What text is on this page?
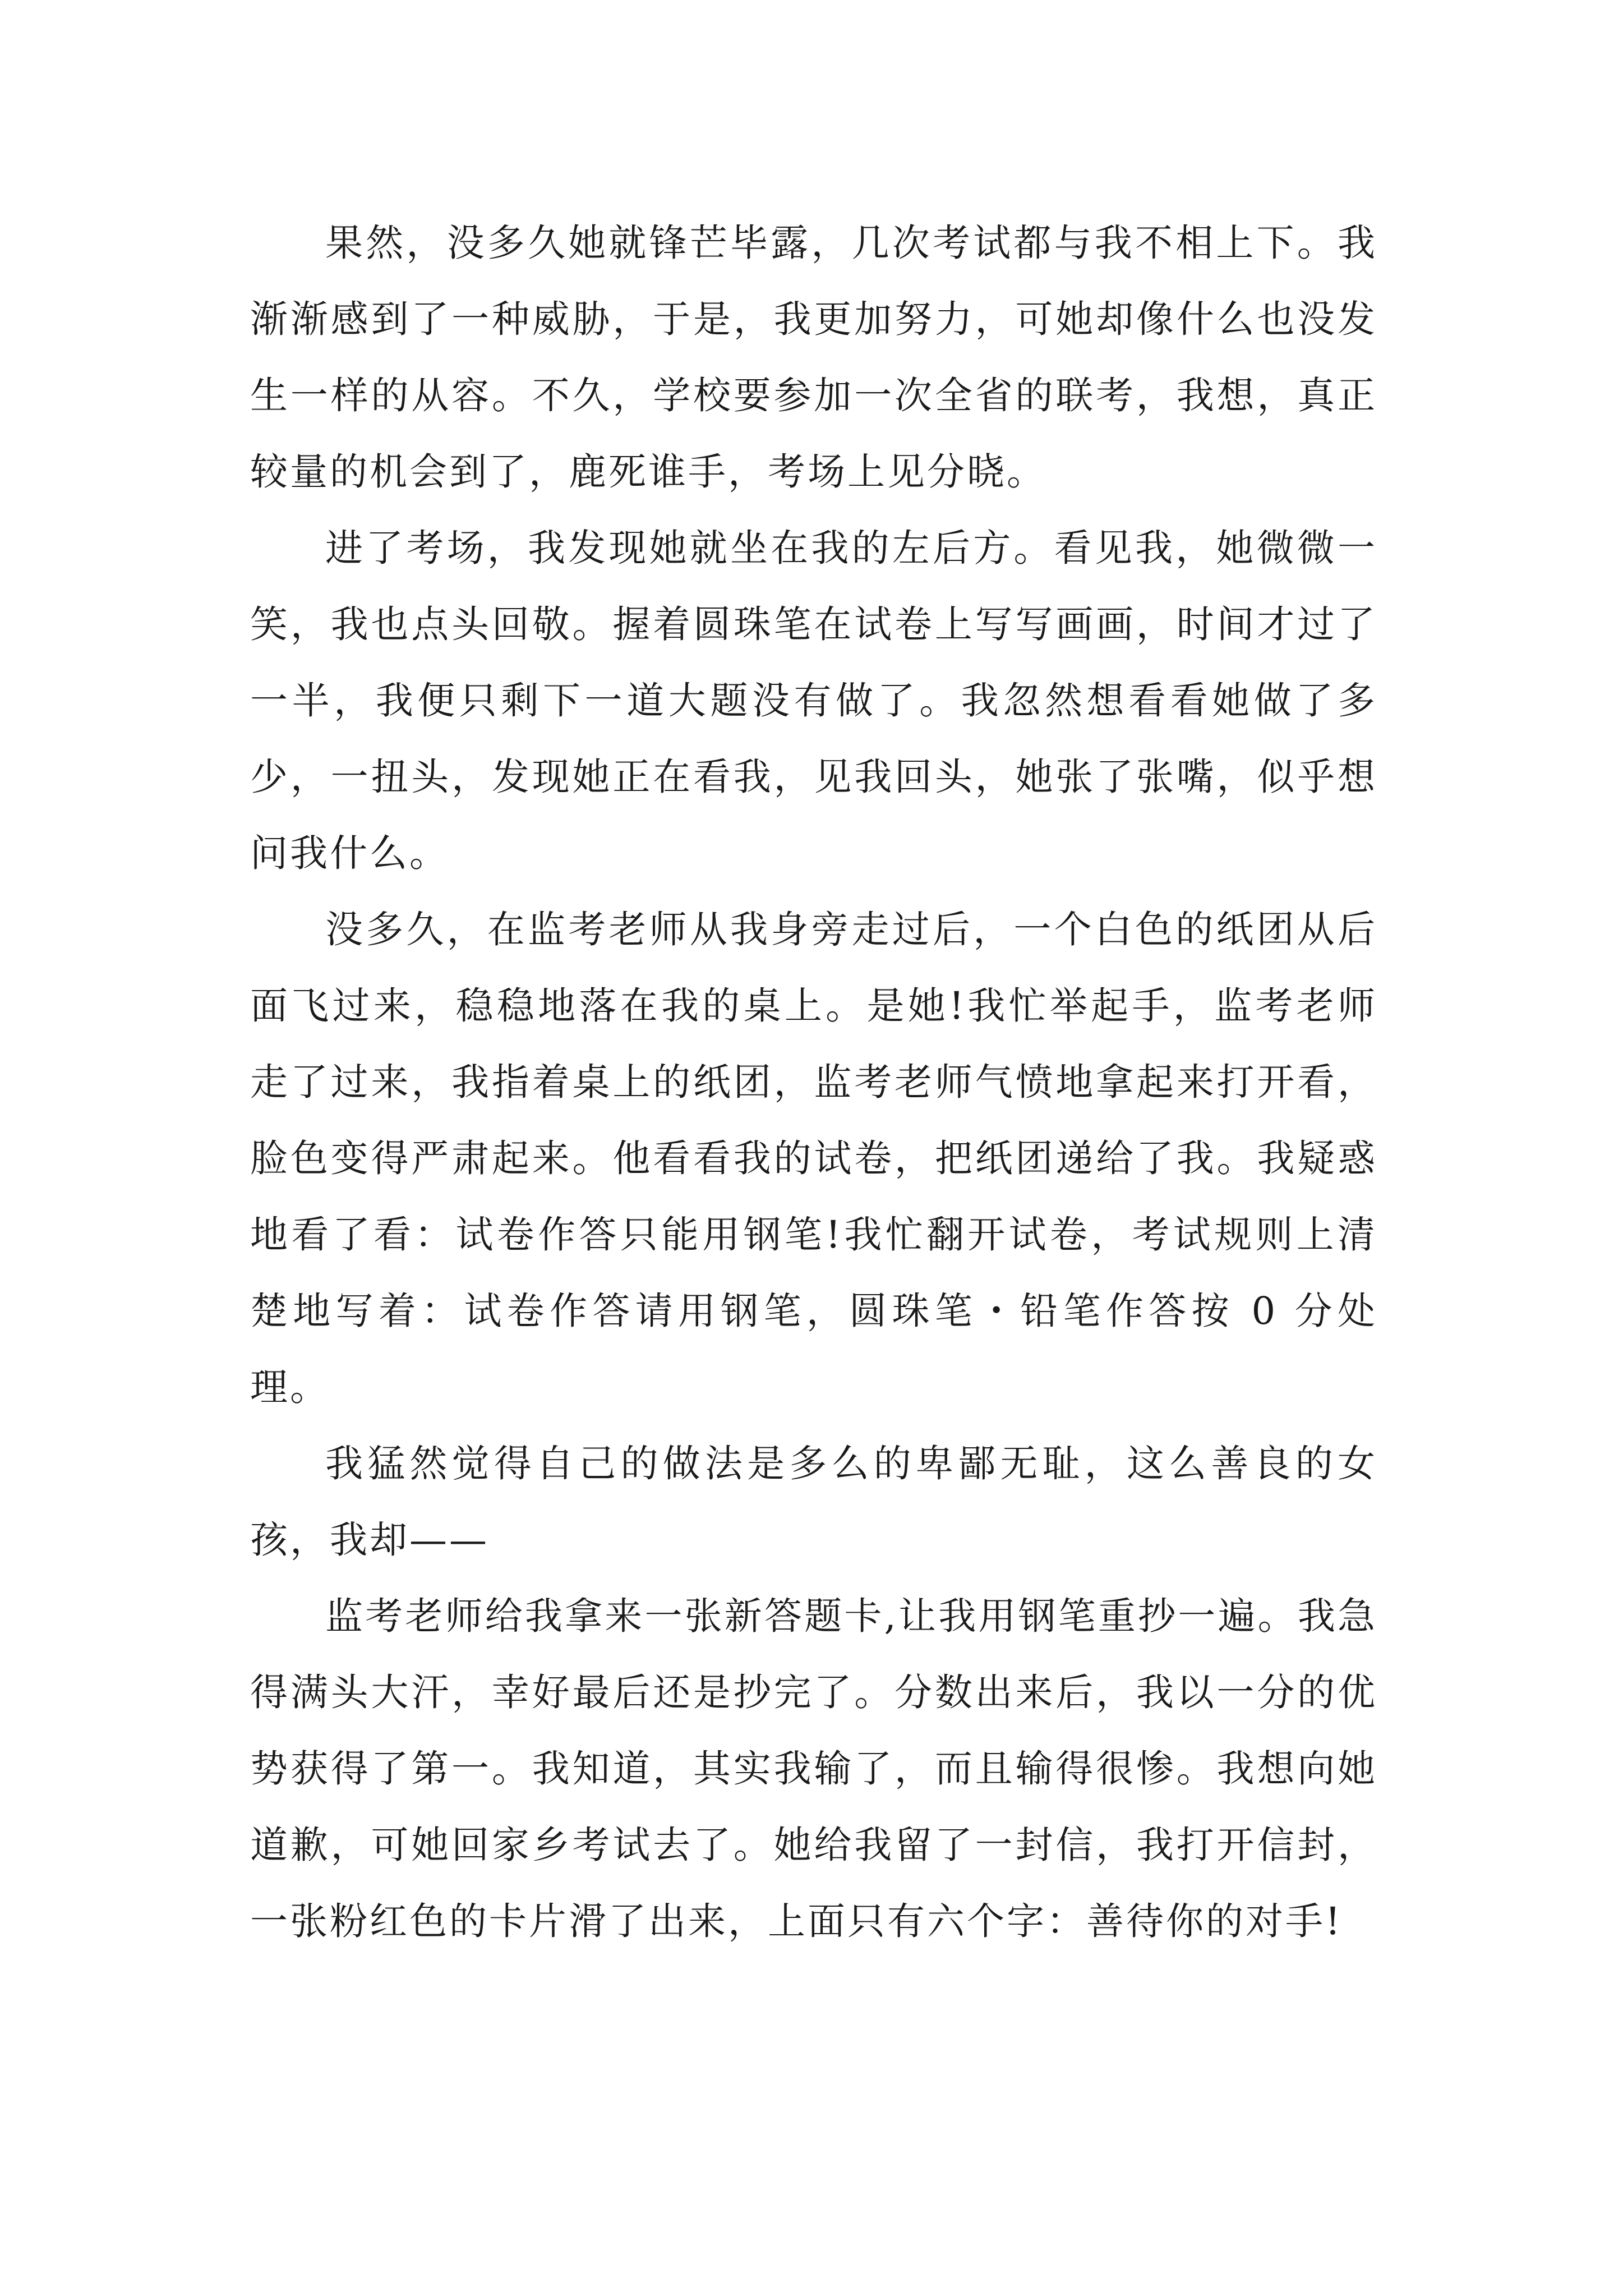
果然，没多久她就锋芒毕露，几次考试都与我不相上下。我渐渐感到了一种威胁，于是，我更加努力，可她却像什么也没发生一样的从容。不久，学校要参加一次全省的联考，我想，真正较量的机会到了，鹿死谁手，考场上见分晓。

进了考场，我发现她就坐在我的左后方。看见我，她微微一笑，我也点头回敬。握着圆珠笔在试卷上写写画画，时间才过了一半，我便只剩下一道大题没有做了。我忽然想看看她做了多少，一扭头，发现她正在看我，见我回头，她张了张嘴，似乎想问我什么。

没多久，在监考老师从我身旁走过后，一个白色的纸团从后面飞过来，稳稳地落在我的桌上。是她!我忙举起手，监考老师走了过来，我指着桌上的纸团，监考老师气愤地拿起来打开看，脸色变得严肃起来。他看看我的试卷，把纸团递给了我。我疑惑地看了看：试卷作答只能用钢笔!我忙翻开试卷，考试规则上清楚地写着：试卷作答请用钢笔，圆珠笔・铅笔作答按 0 分处理。

我猛然觉得自己的做法是多么的卑鄙无耻，这么善良的女孩，我却——

监考老师给我拿来一张新答题卡,让我用钢笔重抄一遍。我急得满头大汗，幸好最后还是抄完了。分数出来后，我以一分的优势获得了第一。我知道，其实我输了，而且输得很惨。我想向她道歉，可她回家乡考试去了。她给我留了一封信，我打开信封，一张粉红色的卡片滑了出来，上面只有六个字：善待你的对手!
